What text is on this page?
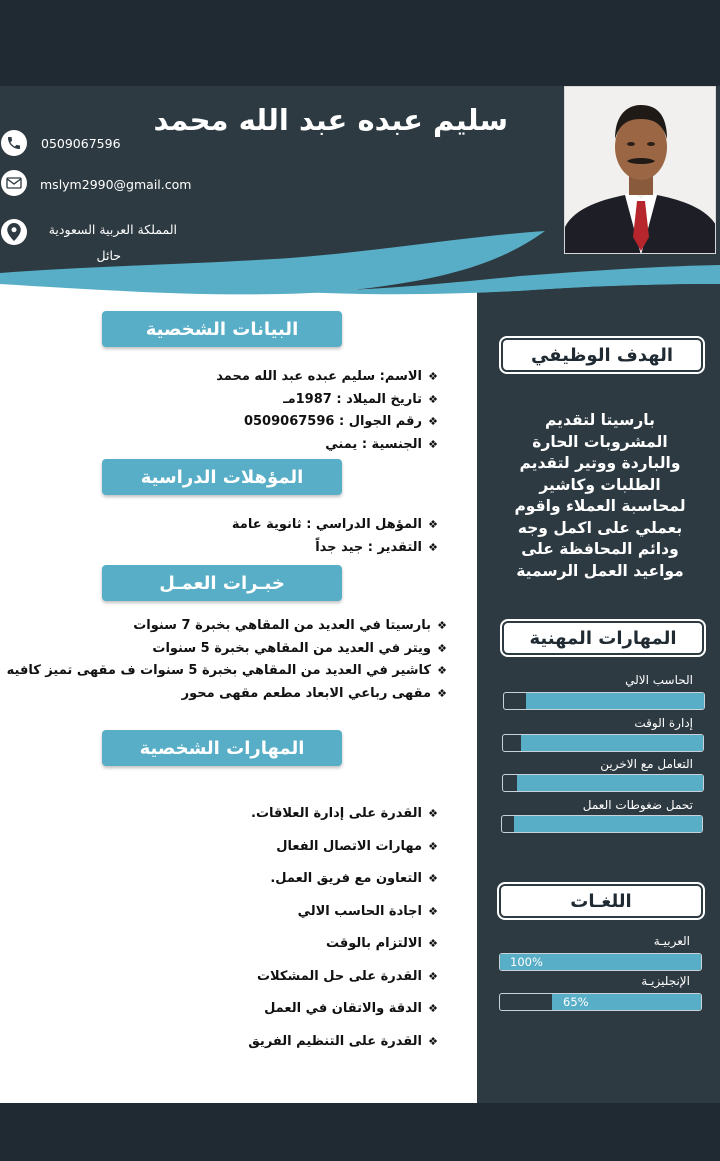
سليم عبده عبد الله محمد
0509067596
mslym2990@gmail.com
المملكة العربية السعودية
حائل
البيانات الشخصية
❖ الاسم: سليم عبده عبد الله محمد
❖ تاريخ الميلاد : 1987مـ
❖ رقم الجوال : 0509067596
❖ الجنسية : يمني
المؤهلات الدراسية
❖ المؤهل الدراسي : ثانوية عامة
❖ التقدير : جيد جداً
خبـرات العمـل
❖ بارسيتا في العديد من المقاهي بخبرة 7 سنوات
❖ ويتر في العديد من المقاهي بخبرة 5 سنوات
❖ كاشير في العديد من المقاهي بخبرة 5 سنوات ف مقهى تميز كافيه
❖ مقهى رباعي الابعاد مطعم مقهى محور
المهارات الشخصية
❖ القدرة على إدارة العلاقات.
❖ مهارات الاتصال الفعال
❖ التعاون مع فريق العمل.
❖ اجادة الحاسب الالي
❖ الالتزام بالوقت
❖ القدرة على حل المشكلات
❖ الدقة والاتقان في العمل
❖ القدرة على التنظيم الفريق
الهدف الوظيفي
بارسيتا لتقديم المشروبات الحارة والباردة ووتير لتقديم الطلبات وكاشير لمحاسبة العملاء واقوم بعملي على اكمل وجه ودائم المحافظة على مواعيد العمل الرسمية
المهارات المهنية
الحاسب الالي
إدارة الوقت
التعامل مع الاخرين
تحمل ضغوطات العمل
اللغـات
العربيـة
100%
الإنجليزيـة
65%
